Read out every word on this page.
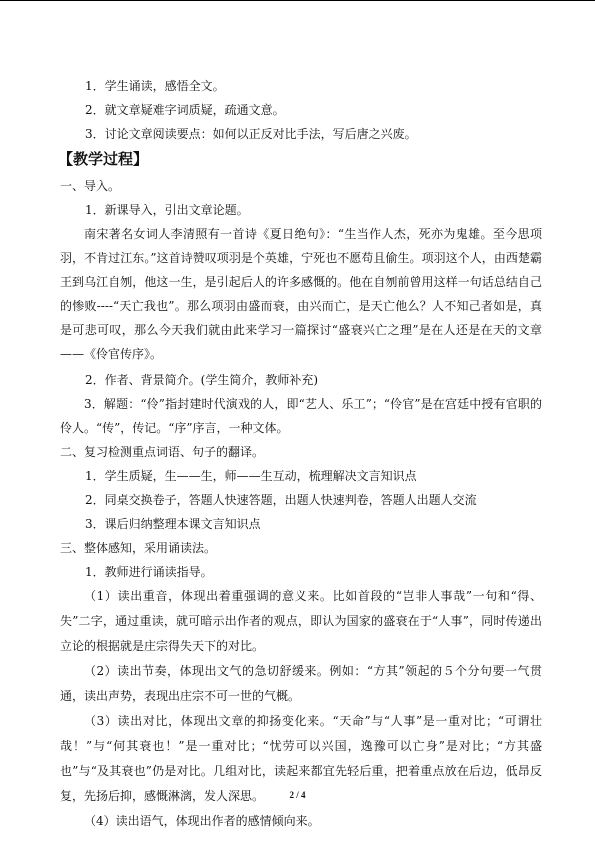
1．学生诵读，感悟全文。

2．就文章疑难字词质疑，疏通文意。

3．讨论文章阅读要点：如何以正反对比手法，写后唐之兴废。

【教学过程】

一、导入。

1．新课导入，引出文章论题。

南宋著名女词人李清照有一首诗《夏日绝句》：“生当作人杰，死亦为鬼雄。至今思项羽，不肯过江东。”这首诗赞叹项羽是个英雄，宁死也不愿苟且偷生。项羽这个人，由西楚霸王到乌江自刎，他这一生，是引起后人的许多感慨的。他在自刎前曾用这样一句话总结自己的惨败----“天亡我也”。那么项羽由盛而衰，由兴而亡，是天亡他么？人不知己者如是，真是可悲可叹，那么今天我们就由此来学习一篇探讨“盛衰兴亡之理”是在人还是在天的文章——《伶官传序》。

2．作者、背景简介。(学生简介，教师补充)

3．解题：“伶”指封建时代演戏的人，即“艺人、乐工”；“伶官”是在宫廷中授有官职的伶人。“传”，传记。“序”序言，一种文体。

二、复习检测重点词语、句子的翻译。

1．学生质疑，生——生，师——生互动，梳理解决文言知识点

2．同桌交换卷子，答题人快速答题，出题人快速判卷，答题人出题人交流

3．课后归纳整理本课文言知识点

三、整体感知，采用诵读法。

1．教师进行诵读指导。

（1）读出重音，体现出着重强调的意义来。比如首段的“岂非人事哉”一句和“得、失”二字，通过重读，就可暗示出作者的观点，即认为国家的盛衰在于“人事”，同时传递出立论的根据就是庄宗得失天下的对比。

（2）读出节奏，体现出文气的急切舒缓来。例如：“方其”领起的５个分句要一气贯通，读出声势，表现出庄宗不可一世的气概。

（3）读出对比，体现出文章的抑扬变化来。“天命”与“人事”是一重对比；“可谓壮哉！”与“何其衰也！”是一重对比；“忧劳可以兴国，逸豫可以亡身”是对比；“方其盛也”与“及其衰也”仍是对比。几组对比，读起来都宜先轻后重，把着重点放在后边，低昂反复，先扬后抑，感慨淋漓，发人深思。

（4）读出语气，体现出作者的感情倾向来。

2 / 4
